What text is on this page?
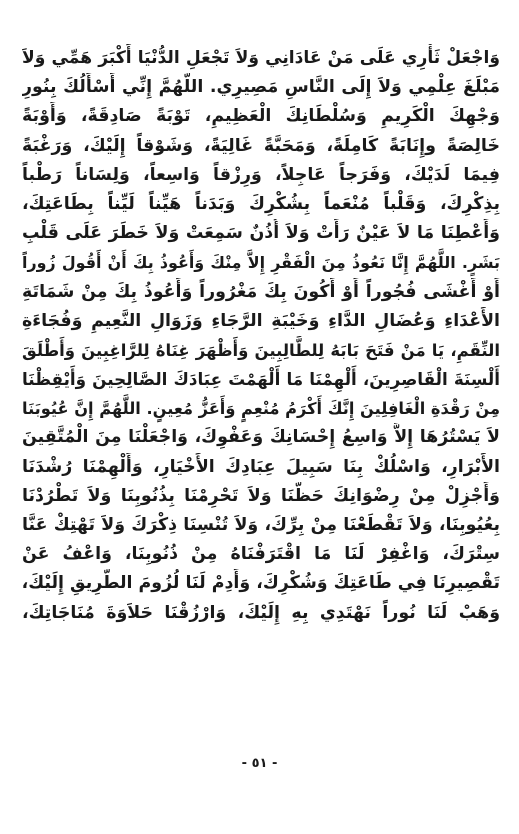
وَاجْعَلْ ثَأْرِي عَلَى مَنْ عَادَانِي وَلاَ تَجْعَلِ الدُّنْيَا أَكْبَرَ هَمِّي وَلاَ
مَبْلَغَ عِلْمِي وَلاَ إِلَى النَّاسِ مَصِيرِي. اللَّهُمَّ إِنِّي أَسْأَلُكَ بِنُورِ
وَجْهِكَ الْكَرِيمِ وَسُلْطَانِكَ الْعَظِيمِ، تَوْبَةً صَادِقَةً، وَأَوْبَةً
خَالِصَةً وإِنَابَةً كَامِلَةً، وَمَحَبَّةً غَالِيَةً، وَشَوْقاً إِلَيْكَ، وَرَغْبَةً
فِيمَا لَدَيْكَ، وَفَرَجاً عَاجِلاً، وَرِزْقاً وَاسِعاً، وَلِسَاناً رَطْباً
بِذِكْرِكَ، وَقَلْباً مُنْعَماً بِشُكْرِكَ وَبَدَناً هَيِّناً لَيِّناً بِطَاعَتِكَ،
وَأَعْطِنَا مَا لاَ عَيْنٌ رَأَتْ وَلاَ أُذُنٌ سَمِعَتْ وَلاَ خَطَرَ عَلَى قَلْبِ
بَشَرٍ. اللَّهُمَّ إِنَّا نَعُوذُ مِنَ الْفَقْرِ إِلاَّ مِنْكَ وَأَعُوذُ بِكَ أَنْ أَقُولَ زُوراً
أَوْ أَغْشَى فُجُوراً أَوْ أَكُونَ بِكَ مَغْرُوراً وَأَعُوذُ بِكَ مِنْ شَمَاتَةِ
الأَعْدَاءِ وَعُضَالِ الدَّاءِ وَخَيْبَةِ الرَّجَاءِ وَزَوَالِ النَّعِيمِ وَفُجَاءَةِ
النِّقَمِ، يَا مَنْ فَتَحَ بَابَهُ لِلطَّالِبِينَ وَأَظْهَرَ غِنَاهُ لِلرَّاغِبِينَ وَأَطْلَقَ
أَلْسِنَةَ الْقَاصِرِينَ، أَلْهِمْنَا مَا أَلْهَمْتَ عِبَادَكَ الصَّالِحِينَ وَأَيْقِظْنَا
مِنْ رَقْدَةِ الْغَافِلِينَ إِنَّكَ أَكْرَمُ مُنْعِمٍ وَأَعَزُّ مُعِينٍ. اللَّهُمَّ إِنَّ عُيُوبَنَا
لاَ يَسْتُرُهَا إِلاَّ وَاسِعُ إِحْسَانِكَ وَعَفْوِكَ، وَاجْعَلْنَا مِنَ الْمُتَّقِينَ
الأَبْرَارِ، وَاسْلُكْ بِنَا سَبِيلَ عِبَادِكَ الأَخْيَارِ، وَأَلْهِمْنَا رُشْدَنَا
وَأَجْزِلْ مِنْ رِضْوَانِكَ حَظَّنَا وَلاَ تَحْرِمْنَا بِذُنُوبِنَا وَلاَ تَطْرُدْنَا
بِعُيُوبِنَا، وَلاَ تَقْطَعْنَا مِنْ بِرِّكَ، وَلاَ تُنْسِنَا ذِكْرَكَ وَلاَ تَهْتِكْ عَنَّا
سِتْرَكَ، وَاغْفِرْ لَنَا مَا اقْتَرَفْنَاهُ مِنْ ذُنُوبِنَا، وَاعْفُ عَنْ
تَقْصِيرِنَا فِي طَاعَتِكَ وَشُكْرِكَ، وَأَدِمْ لَنَا لُزُومَ الطَّرِيقِ إِلَيْكَ،
وَهَبْ لَنَا نُوراً نَهْتَدِي بِهِ إِلَيْكَ، وَارْزُقْنَا حَلاَوَةَ مُنَاجَاتِكَ،
- ٥١ -
